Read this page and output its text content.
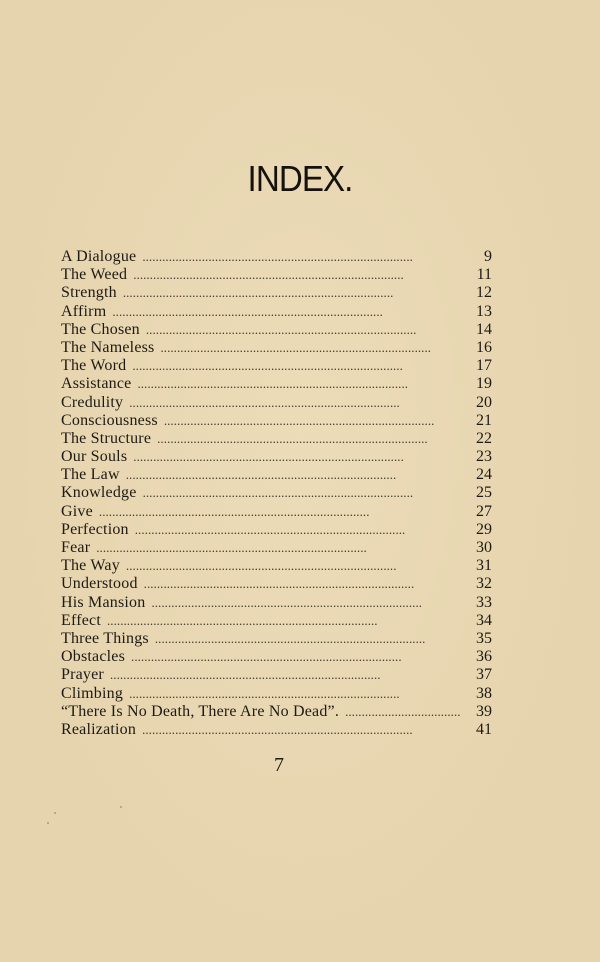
INDEX.
A Dialogue . . .	9
The Weed . . .	11
Strength . . .	12
Affirm . . .	13
The Chosen . . .	14
The Nameless . . .	16
The Word . . .	17
Assistance . . .	19
Credulity . . .	20
Consciousness . . .	21
The Structure . . .	22
Our Souls . . .	23
The Law . . .	24
Knowledge . . .	25
Give . . .	27
Perfection . . .	29
Fear . . .	30
The Way . . .	31
Understood . . .	32
His Mansion . . .	33
Effect . . .	34
Three Things . . .	35
Obstacles . . .	36
Prayer . . .	37
Climbing . . .	38
“There Is No Death, There Are No Dead”. . . .	39
Realization . . .	41
7
